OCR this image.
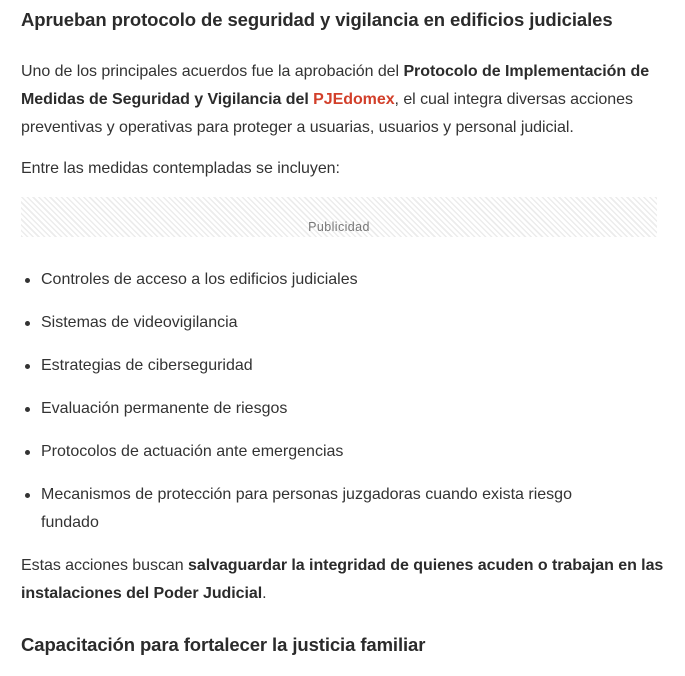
Aprueban protocolo de seguridad y vigilancia en edificios judiciales

Uno de los principales acuerdos fue la aprobación del Protocolo de Implementación de Medidas de Seguridad y Vigilancia del PJEdomex, el cual integra diversas acciones preventivas y operativas para proteger a usuarias, usuarios y personal judicial.

Entre las medidas contempladas se incluyen:

Publicidad
Controles de acceso a los edificios judiciales
Sistemas de videovigilancia
Estrategias de ciberseguridad
Evaluación permanente de riesgos
Protocolos de actuación ante emergencias
Mecanismos de protección para personas juzgadoras cuando exista riesgo fundado

Estas acciones buscan salvaguardar la integridad de quienes acuden o trabajan en las instalaciones del Poder Judicial.

Capacitación para fortalecer la justicia familiar
